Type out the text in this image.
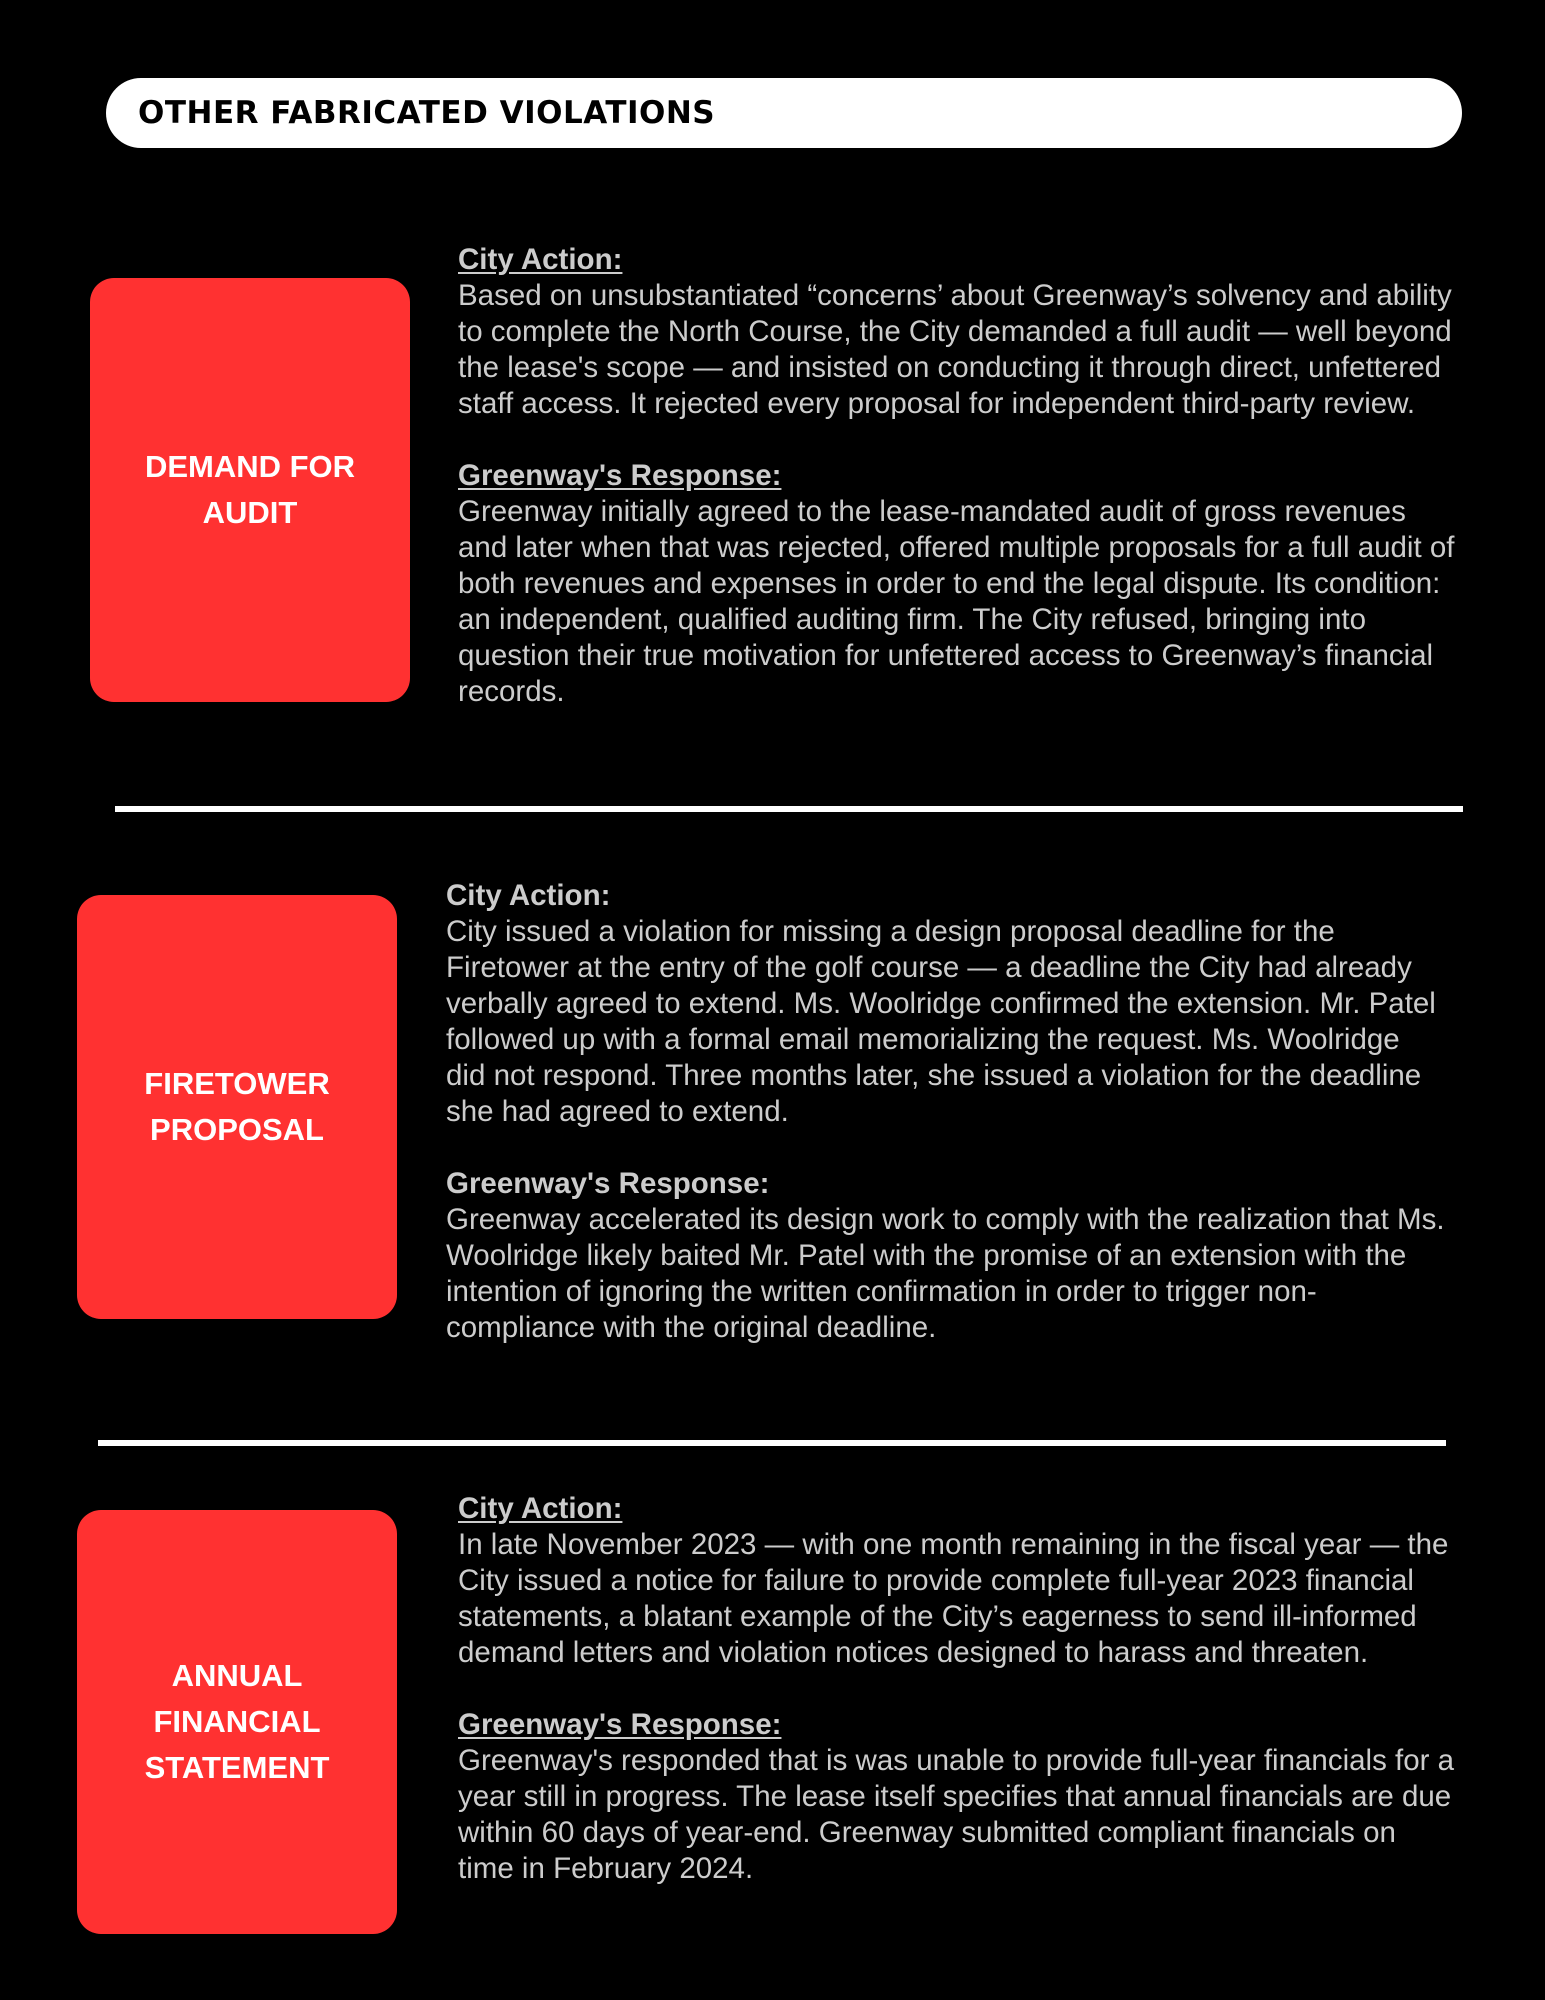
OTHER FABRICATED VIOLATIONS
DEMAND FOR
AUDIT
City Action:

Based on unsubstantiated “concerns’ about Greenway’s solvency and ability to complete the North Course, the City demanded a full audit — well beyond the lease's scope — and insisted on conducting it through direct, unfettered staff access. It rejected every proposal for independent third-party review.

Greenway's Response:

Greenway initially agreed to the lease-mandated audit of gross revenues and later when that was rejected, offered multiple proposals for a full audit of both revenues and expenses in order to end the legal dispute. Its condition: an independent, qualified auditing firm. The City refused, bringing into question their true motivation for unfettered access to Greenway’s financial records.

FIRETOWER
PROPOSAL
City Action:

City issued a violation for missing a design proposal deadline for the Firetower at the entry of the golf course — a deadline the City had already verbally agreed to extend. Ms. Woolridge confirmed the extension. Mr. Patel followed up with a formal email memorializing the request. Ms. Woolridge did not respond. Three months later, she issued a violation for the deadline she had agreed to extend.

Greenway's Response:

Greenway accelerated its design work to comply with the realization that Ms. Woolridge likely baited Mr. Patel with the promise of an extension with the intention of ignoring the written confirmation in order to trigger non-compliance with the original deadline.

ANNUAL
FINANCIAL
STATEMENT
City Action:

In late November 2023 — with one month remaining in the fiscal year — the City issued a notice for failure to provide complete full-year 2023 financial statements, a blatant example of the City’s eagerness to send ill-informed demand letters and violation notices designed to harass and threaten.

Greenway's Response:

Greenway's responded that is was unable to provide full-year financials for a year still in progress. The lease itself specifies that annual financials are due within 60 days of year-end. Greenway submitted compliant financials on time in February 2024.
